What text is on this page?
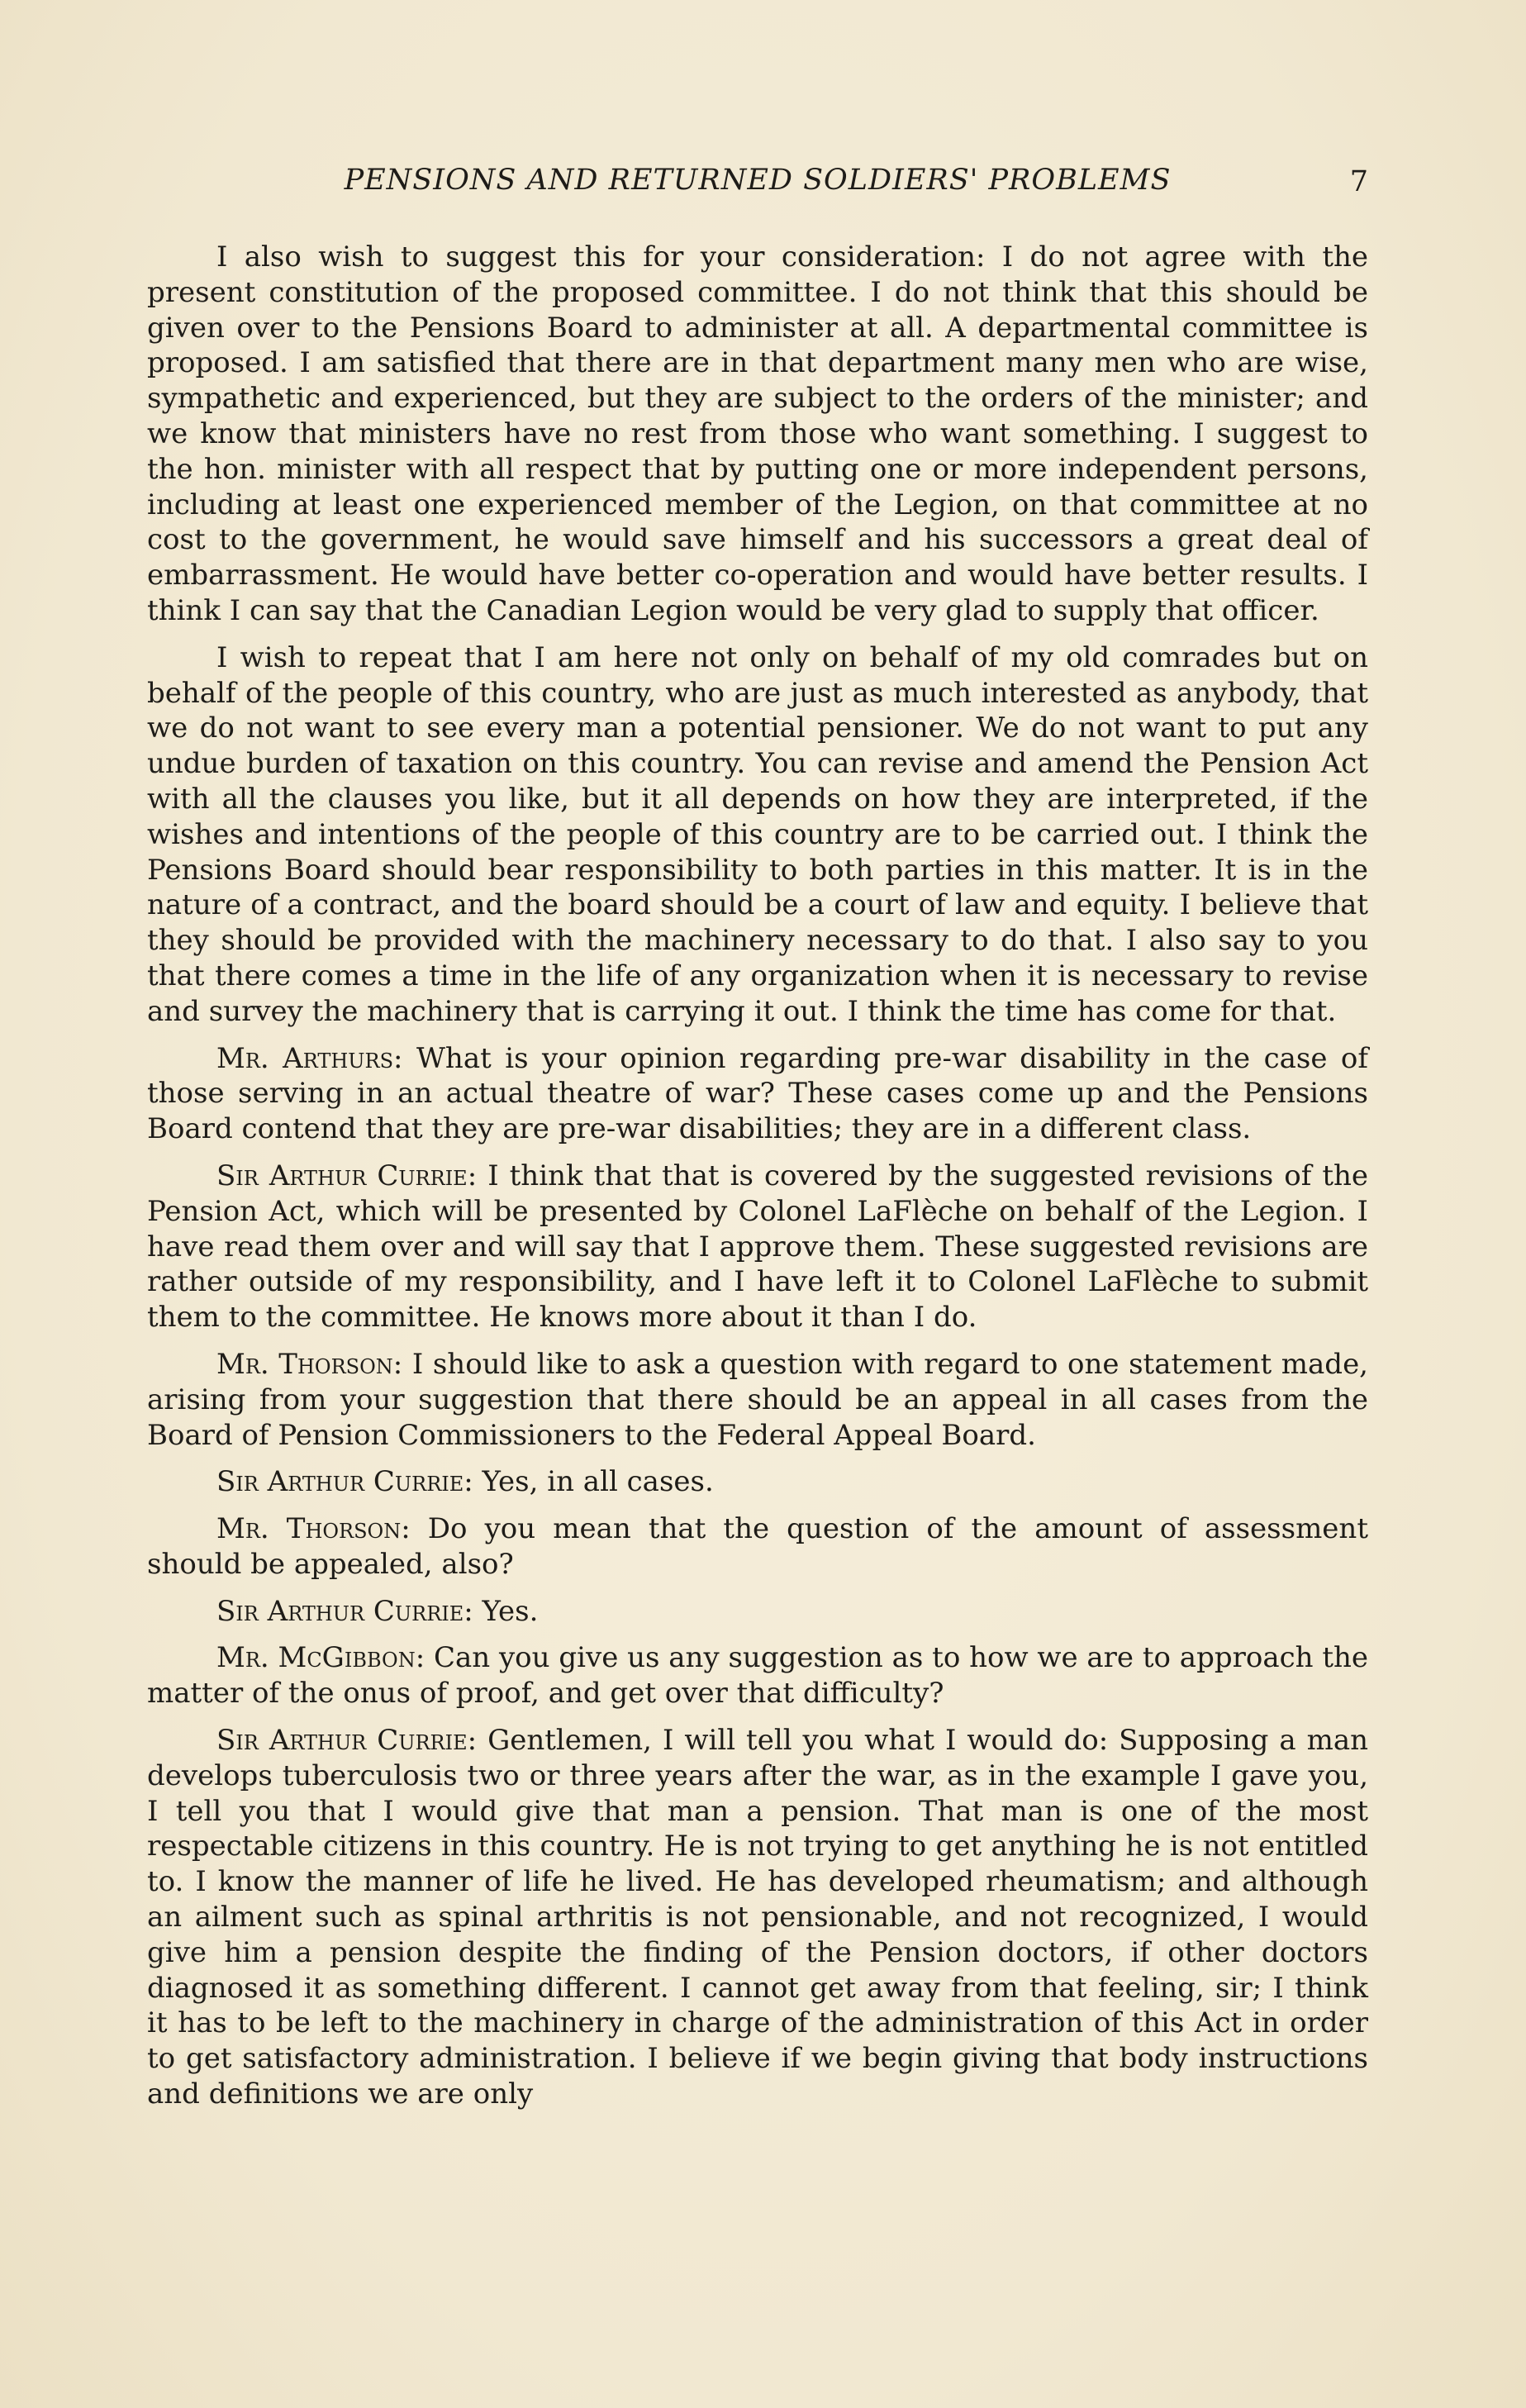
PENSIONS AND RETURNED SOLDIERS' PROBLEMS	7

I also wish to suggest this for your consideration: I do not agree with the present constitution of the proposed committee. I do not think that this should be given over to the Pensions Board to administer at all. A departmental committee is proposed. I am satisfied that there are in that department many men who are wise, sympathetic and experienced, but they are subject to the orders of the minister; and we know that ministers have no rest from those who want something. I suggest to the hon. minister with all respect that by putting one or more independent persons, including at least one experienced member of the Legion, on that committee at no cost to the government, he would save himself and his successors a great deal of embarrassment. He would have better co-operation and would have better results. I think I can say that the Canadian Legion would be very glad to supply that officer.

I wish to repeat that I am here not only on behalf of my old comrades but on behalf of the people of this country, who are just as much interested as anybody, that we do not want to see every man a potential pensioner. We do not want to put any undue burden of taxation on this country. You can revise and amend the Pension Act with all the clauses you like, but it all depends on how they are interpreted, if the wishes and intentions of the people of this country are to be carried out. I think the Pensions Board should bear responsibility to both parties in this matter. It is in the nature of a contract, and the board should be a court of law and equity. I believe that they should be provided with the machinery necessary to do that. I also say to you that there comes a time in the life of any organization when it is necessary to revise and survey the machinery that is carrying it out. I think the time has come for that.

Mr. Arthurs: What is your opinion regarding pre-war disability in the case of those serving in an actual theatre of war? These cases come up and the Pensions Board contend that they are pre-war disabilities; they are in a different class.

Sir Arthur Currie: I think that that is covered by the suggested revisions of the Pension Act, which will be presented by Colonel LaFlèche on behalf of the Legion. I have read them over and will say that I approve them. These suggested revisions are rather outside of my responsibility, and I have left it to Colonel LaFlèche to submit them to the committee. He knows more about it than I do.

Mr. Thorson: I should like to ask a question with regard to one statement made, arising from your suggestion that there should be an appeal in all cases from the Board of Pension Commissioners to the Federal Appeal Board.

Sir Arthur Currie: Yes, in all cases.

Mr. Thorson: Do you mean that the question of the amount of assessment should be appealed, also?

Sir Arthur Currie: Yes.

Mr. McGibbon: Can you give us any suggestion as to how we are to approach the matter of the onus of proof, and get over that difficulty?

Sir Arthur Currie: Gentlemen, I will tell you what I would do: Supposing a man develops tuberculosis two or three years after the war, as in the example I gave you, I tell you that I would give that man a pension. That man is one of the most respectable citizens in this country. He is not trying to get anything he is not entitled to. I know the manner of life he lived. He has developed rheumatism; and although an ailment such as spinal arthritis is not pensionable, and not recognized, I would give him a pension despite the finding of the Pension doctors, if other doctors diagnosed it as something different. I cannot get away from that feeling, sir; I think it has to be left to the machinery in charge of the administration of this Act in order to get satisfactory administration. I believe if we begin giving that body instructions and definitions we are only
